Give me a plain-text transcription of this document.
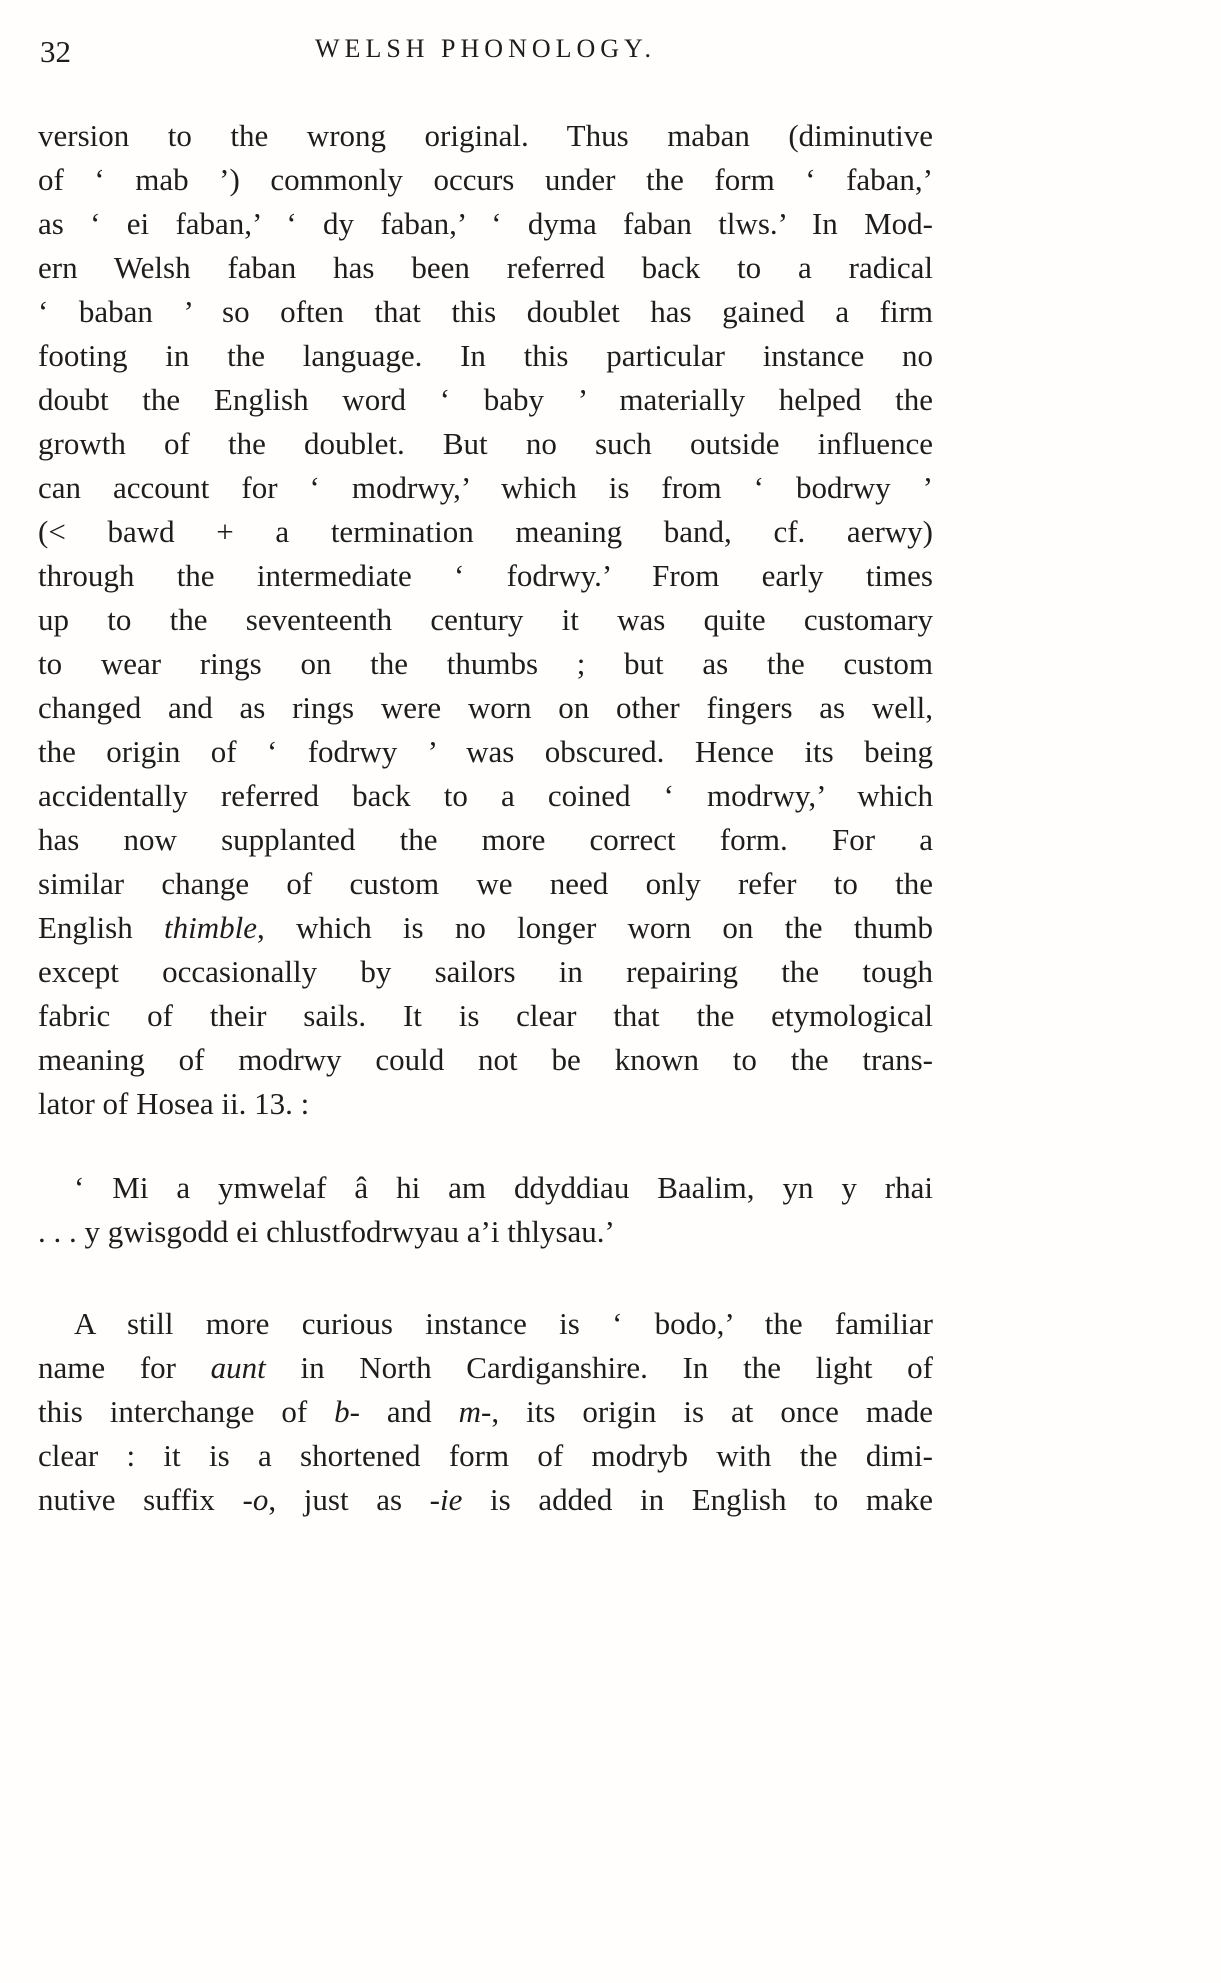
32	WELSH PHONOLOGY.
version to the wrong original. Thus maban (diminutive
of ‘ mab ’) commonly occurs under the form ‘ faban,’
as ‘ ei faban,’ ‘ dy faban,’ ‘ dyma faban tlws.’ In Mod-
ern Welsh faban has been referred back to a radical
‘ baban ’ so often that this doublet has gained a firm
footing in the language. In this particular instance no
doubt the English word ‘ baby ’ materially helped the
growth of the doublet. But no such outside influence
can account for ‘ modrwy,’ which is from ‘ bodrwy ’
(< bawd + a termination meaning band, cf. aerwy)
through the intermediate ‘ fodrwy.’ From early times
up to the seventeenth century it was quite customary
to wear rings on the thumbs ; but as the custom
changed and as rings were worn on other fingers as well,
the origin of ‘ fodrwy ’ was obscured. Hence its being
accidentally referred back to a coined ‘ modrwy,’ which
has now supplanted the more correct form. For a
similar change of custom we need only refer to the
English thimble, which is no longer worn on the thumb
except occasionally by sailors in repairing the tough
fabric of their sails. It is clear that the etymological
meaning of modrwy could not be known to the trans-
lator of Hosea ii. 13. :
‘ Mi a ymwelaf â hi am ddyddiau Baalim, yn y rhai
. . . y gwisgodd ei chlustfodrwyau a’i thlysau.’
A still more curious instance is ‘ bodo,’ the familiar
name for aunt in North Cardiganshire. In the light of
this interchange of b- and m-, its origin is at once made
clear : it is a shortened form of modryb with the dimi-
nutive suffix -o, just as -ie is added in English to make
